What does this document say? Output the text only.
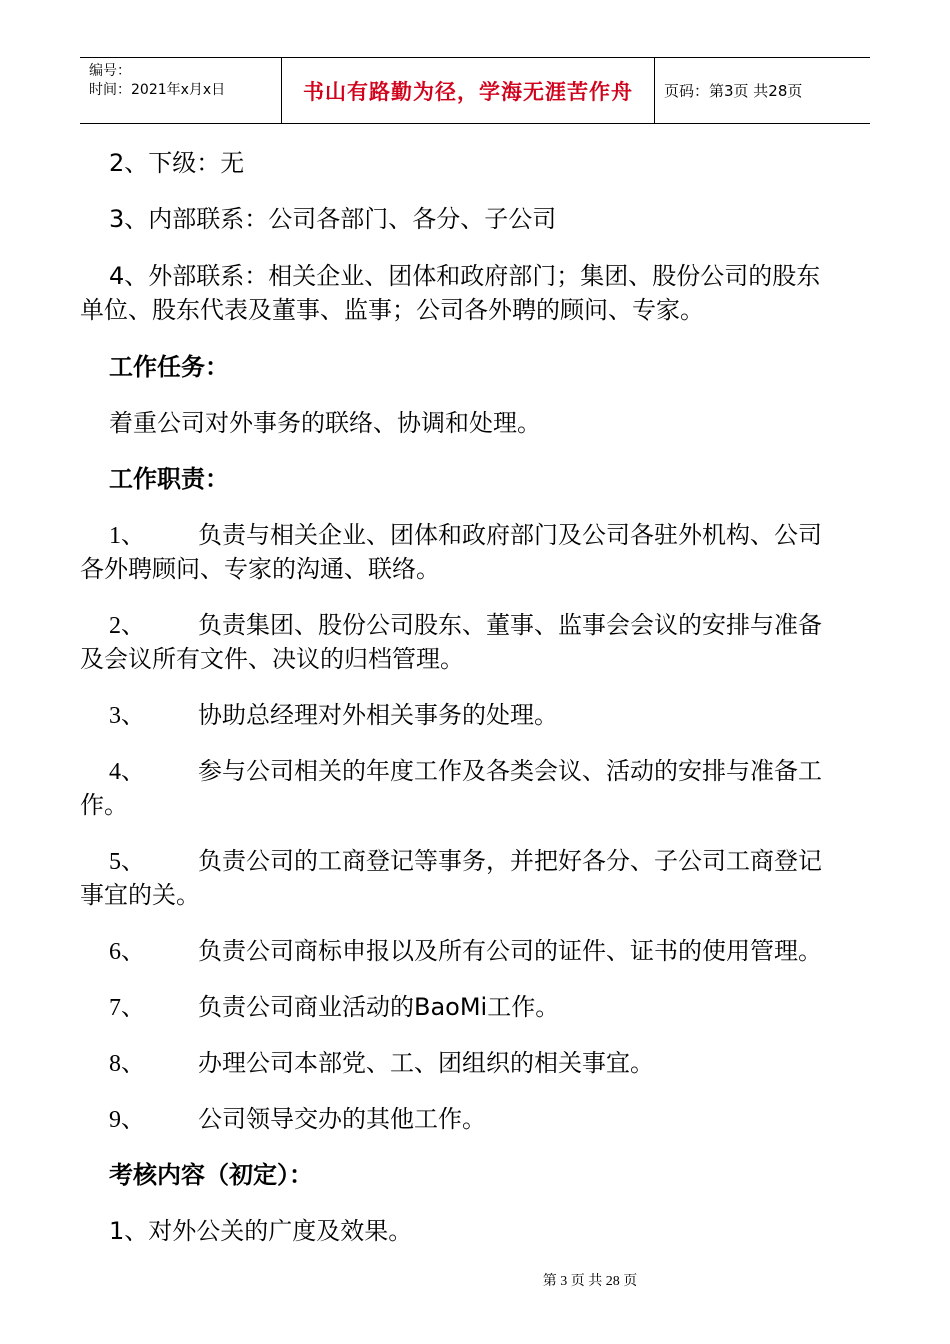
编号：
时间：2021年x月x日	书山有路勤为径，学海无涯苦作舟	页码：第3页 共28页
2、下级：无
3、内部联系：公司各部门、各分、子公司
4、外部联系：相关企业、团体和政府部门；集团、股份公司的股东
单位、股东代表及董事、监事；公司各外聘的顾问、专家。
工作任务：
着重公司对外事务的联络、协调和处理。
工作职责：
1、 负责与相关企业、团体和政府部门及公司各驻外机构、公司
各外聘顾问、专家的沟通、联络。
2、 负责集团、股份公司股东、董事、监事会会议的安排与准备
及会议所有文件、决议的归档管理。
3、 协助总经理对外相关事务的处理。
4、 参与公司相关的年度工作及各类会议、活动的安排与准备工
作。
5、 负责公司的工商登记等事务，并把好各分、子公司工商登记
事宜的关。
6、 负责公司商标申报以及所有公司的证件、证书的使用管理。
7、 负责公司商业活动的BaoMi工作。
8、 办理公司本部党、工、团组织的相关事宜。
9、 公司领导交办的其他工作。
考核内容（初定）：
1、对外公关的广度及效果。
第 3 页 共 28 页
